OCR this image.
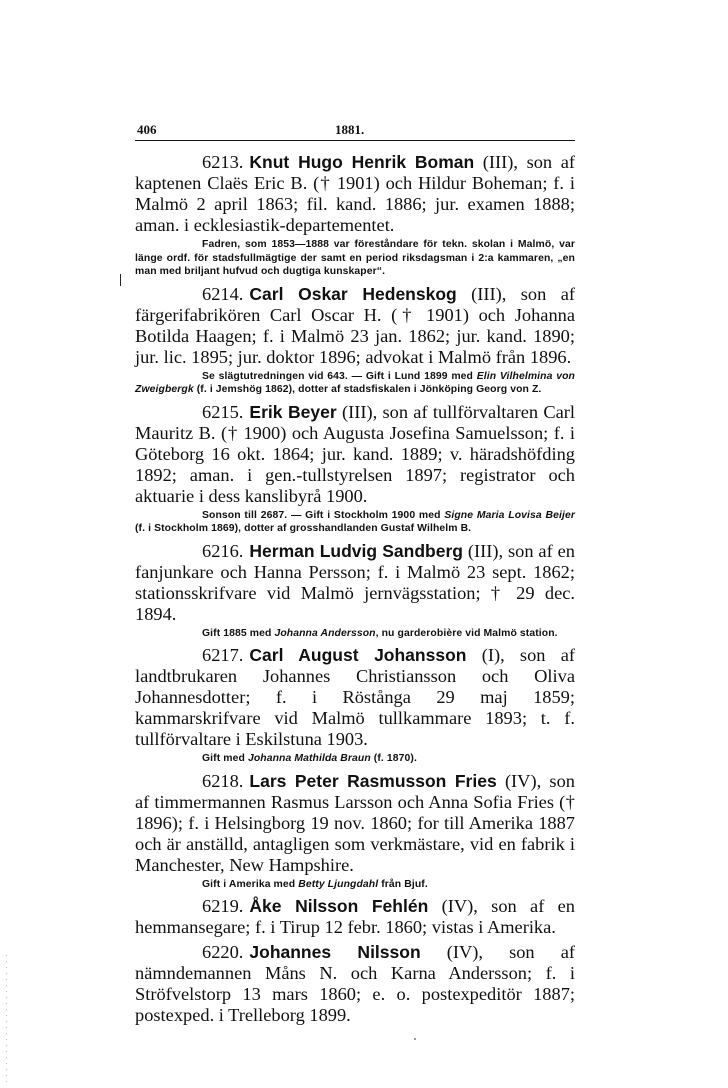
406	1881.

6213. Knut Hugo Henrik Boman (III), son af kaptenen Claës Eric B. († 1901) och Hildur Boheman; f. i Malmö 2 april 1863; fil. kand. 1886; jur. examen 1888; aman. i ecklesiastik-departementet.

Fadren, som 1853—1888 var föreståndare för tekn. skolan i Malmö, var länge ordf. för stadsfullmägtige der samt en period riksdagsman i 2:a kammaren, „en man med briljant hufvud och dugtiga kunskaper“.

6214. Carl Oskar Hedenskog (III), son af färgerifabrikören Carl Oscar H. († 1901) och Johanna Botilda Haagen; f. i Malmö 23 jan. 1862; jur. kand. 1890; jur. lic. 1895; jur. doktor 1896; advokat i Malmö från 1896.

Se slägtutredningen vid 643. — Gift i Lund 1899 med Elin Vilhelmina von Zweigbergk (f. i Jemshög 1862), dotter af stadsfiskalen i Jönköping Georg von Z.

6215. Erik Beyer (III), son af tullförvaltaren Carl Mauritz B. († 1900) och Augusta Josefina Samuelsson; f. i Göteborg 16 okt. 1864; jur. kand. 1889; v. häradshöfding 1892; aman. i gen.-tullstyrelsen 1897; registrator och aktuarie i dess kanslibyrå 1900.

Sonson till 2687. — Gift i Stockholm 1900 med Signe Maria Lovisa Beijer (f. i Stockholm 1869), dotter af grosshandlanden Gustaf Wilhelm B.

6216. Herman Ludvig Sandberg (III), son af en fanjunkare och Hanna Persson; f. i Malmö 23 sept. 1862; stationsskrifvare vid Malmö jernvägsstation; † 29 dec. 1894.

Gift 1885 med Johanna Andersson, nu garderobière vid Malmö station.

6217. Carl August Johansson (I), son af landtbrukaren Johannes Christiansson och Oliva Johannesdotter; f. i Röstånga 29 maj 1859; kammarskrifvare vid Malmö tullkammare 1893; t. f. tullförvaltare i Eskilstuna 1903.

Gift med Johanna Mathilda Braun (f. 1870).

6218. Lars Peter Rasmusson Fries (IV), son af timmermannen Rasmus Larsson och Anna Sofia Fries († 1896); f. i Helsingborg 19 nov. 1860; for till Amerika 1887 och är anställd, antagligen som verkmästare, vid en fabrik i Manchester, New Hampshire.

Gift i Amerika med Betty Ljungdahl från Bjuf.

6219. Åke Nilsson Fehlén (IV), son af en hemmansegare; f. i Tirup 12 febr. 1860; vistas i Amerika.

6220. Johannes Nilsson (IV), son af nämndemannen Måns N. och Karna Andersson; f. i Ströfvelstorp 13 mars 1860; e. o. postexpeditör 1887; postexped. i Trelleborg 1899.
